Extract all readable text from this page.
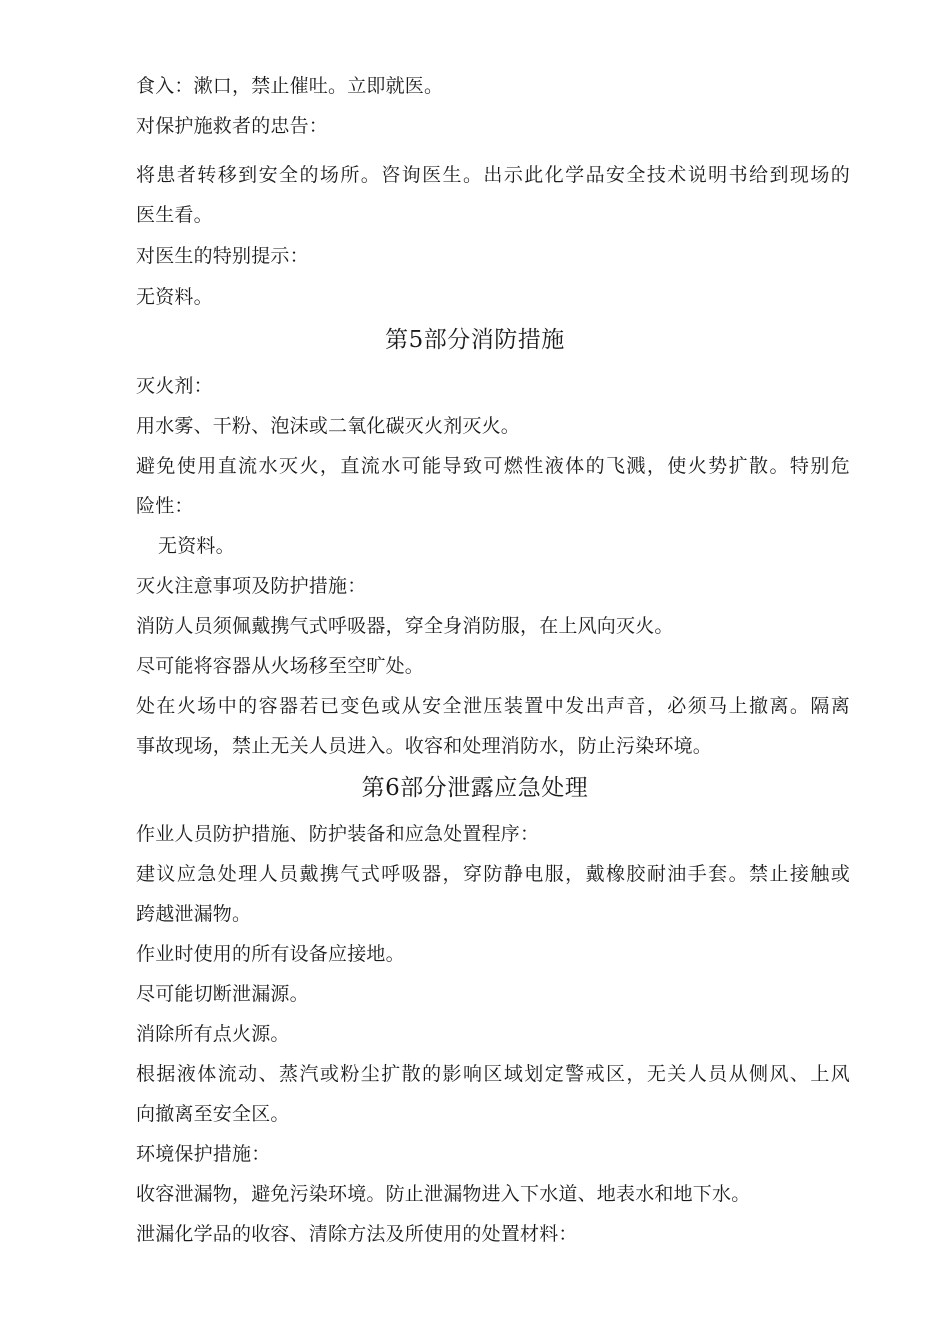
食入：漱口，禁止催吐。立即就医。
对保护施救者的忠告：
将患者转移到安全的场所。咨询医生。出示此化学品安全技术说明书给到现场的
医生看。
对医生的特别提示：
无资料。
第5部分消防措施
灭火剂：
用水雾、干粉、泡沫或二氧化碳灭火剂灭火。
避免使用直流水灭火，直流水可能导致可燃性液体的飞溅，使火势扩散。特别危
险性：
无资料。
灭火注意事项及防护措施：
消防人员须佩戴携气式呼吸器，穿全身消防服，在上风向灭火。
尽可能将容器从火场移至空旷处。
处在火场中的容器若已变色或从安全泄压装置中发出声音，必须马上撤离。隔离
事故现场，禁止无关人员进入。收容和处理消防水，防止污染环境。
第6部分泄露应急处理
作业人员防护措施、防护装备和应急处置程序：
建议应急处理人员戴携气式呼吸器，穿防静电服，戴橡胶耐油手套。禁止接触或
跨越泄漏物。
作业时使用的所有设备应接地。
尽可能切断泄漏源。
消除所有点火源。
根据液体流动、蒸汽或粉尘扩散的影响区域划定警戒区，无关人员从侧风、上风
向撤离至安全区。
环境保护措施：
收容泄漏物，避免污染环境。防止泄漏物进入下水道、地表水和地下水。
泄漏化学品的收容、清除方法及所使用的处置材料：
